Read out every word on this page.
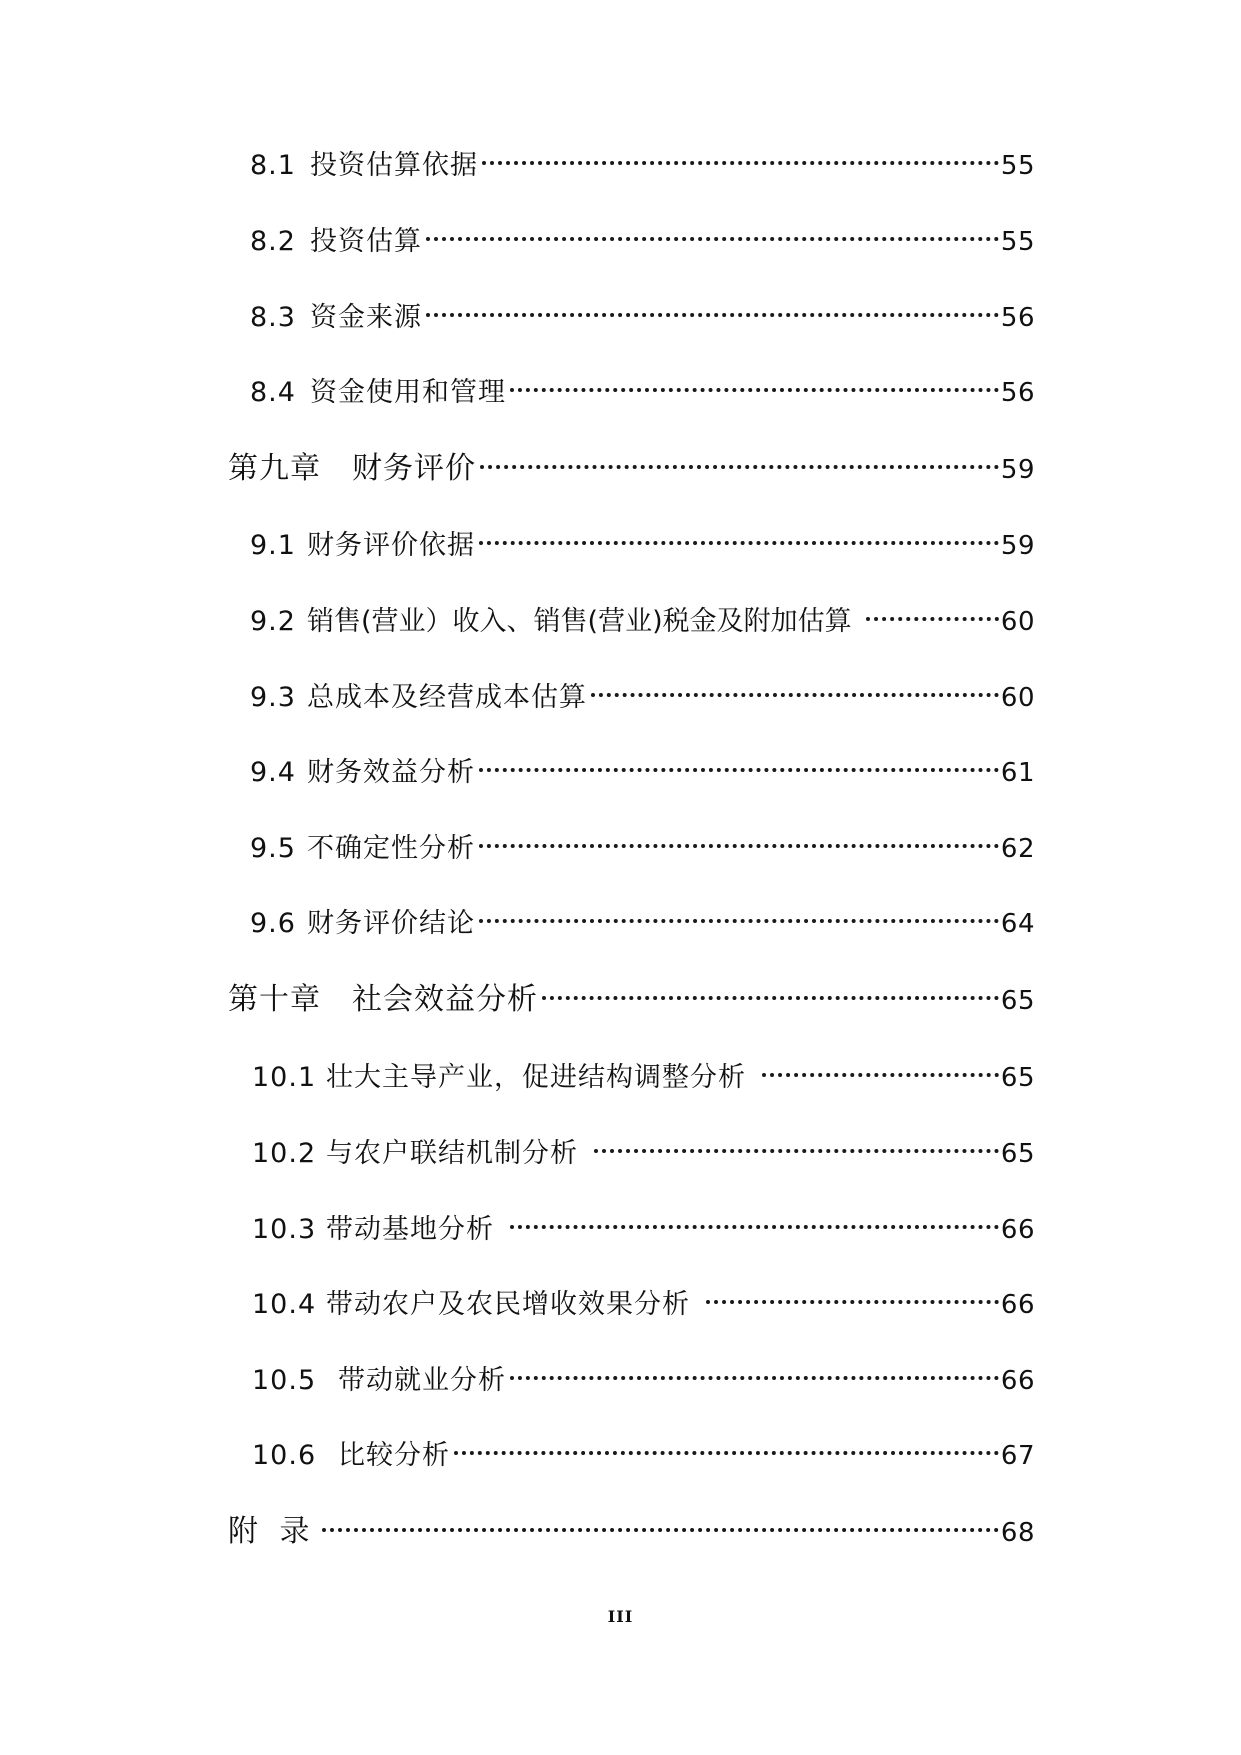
8.1 投资估算依据	55
8.2 投资估算	55
8.3 资金来源	56
8.4 资金使用和管理	56
第九章	财务评价	59
9.1 财务评价依据	59
9.2 销售(营业）收入、销售(营业)税金及附加估算	60
9.3 总成本及经营成本估算	60
9.4 财务效益分析	61
9.5 不确定性分析	62
9.6 财务评价结论	64
第十章	社会效益分析	65
10.1 壮大主导产业，促进结构调整分析	65
10.2 与农户联结机制分析	65
10.3 带动基地分析	66
10.4 带动农户及农民增收效果分析	66
10.5 带动就业分析	66
10.6 比较分析	67
附 录	68
III
